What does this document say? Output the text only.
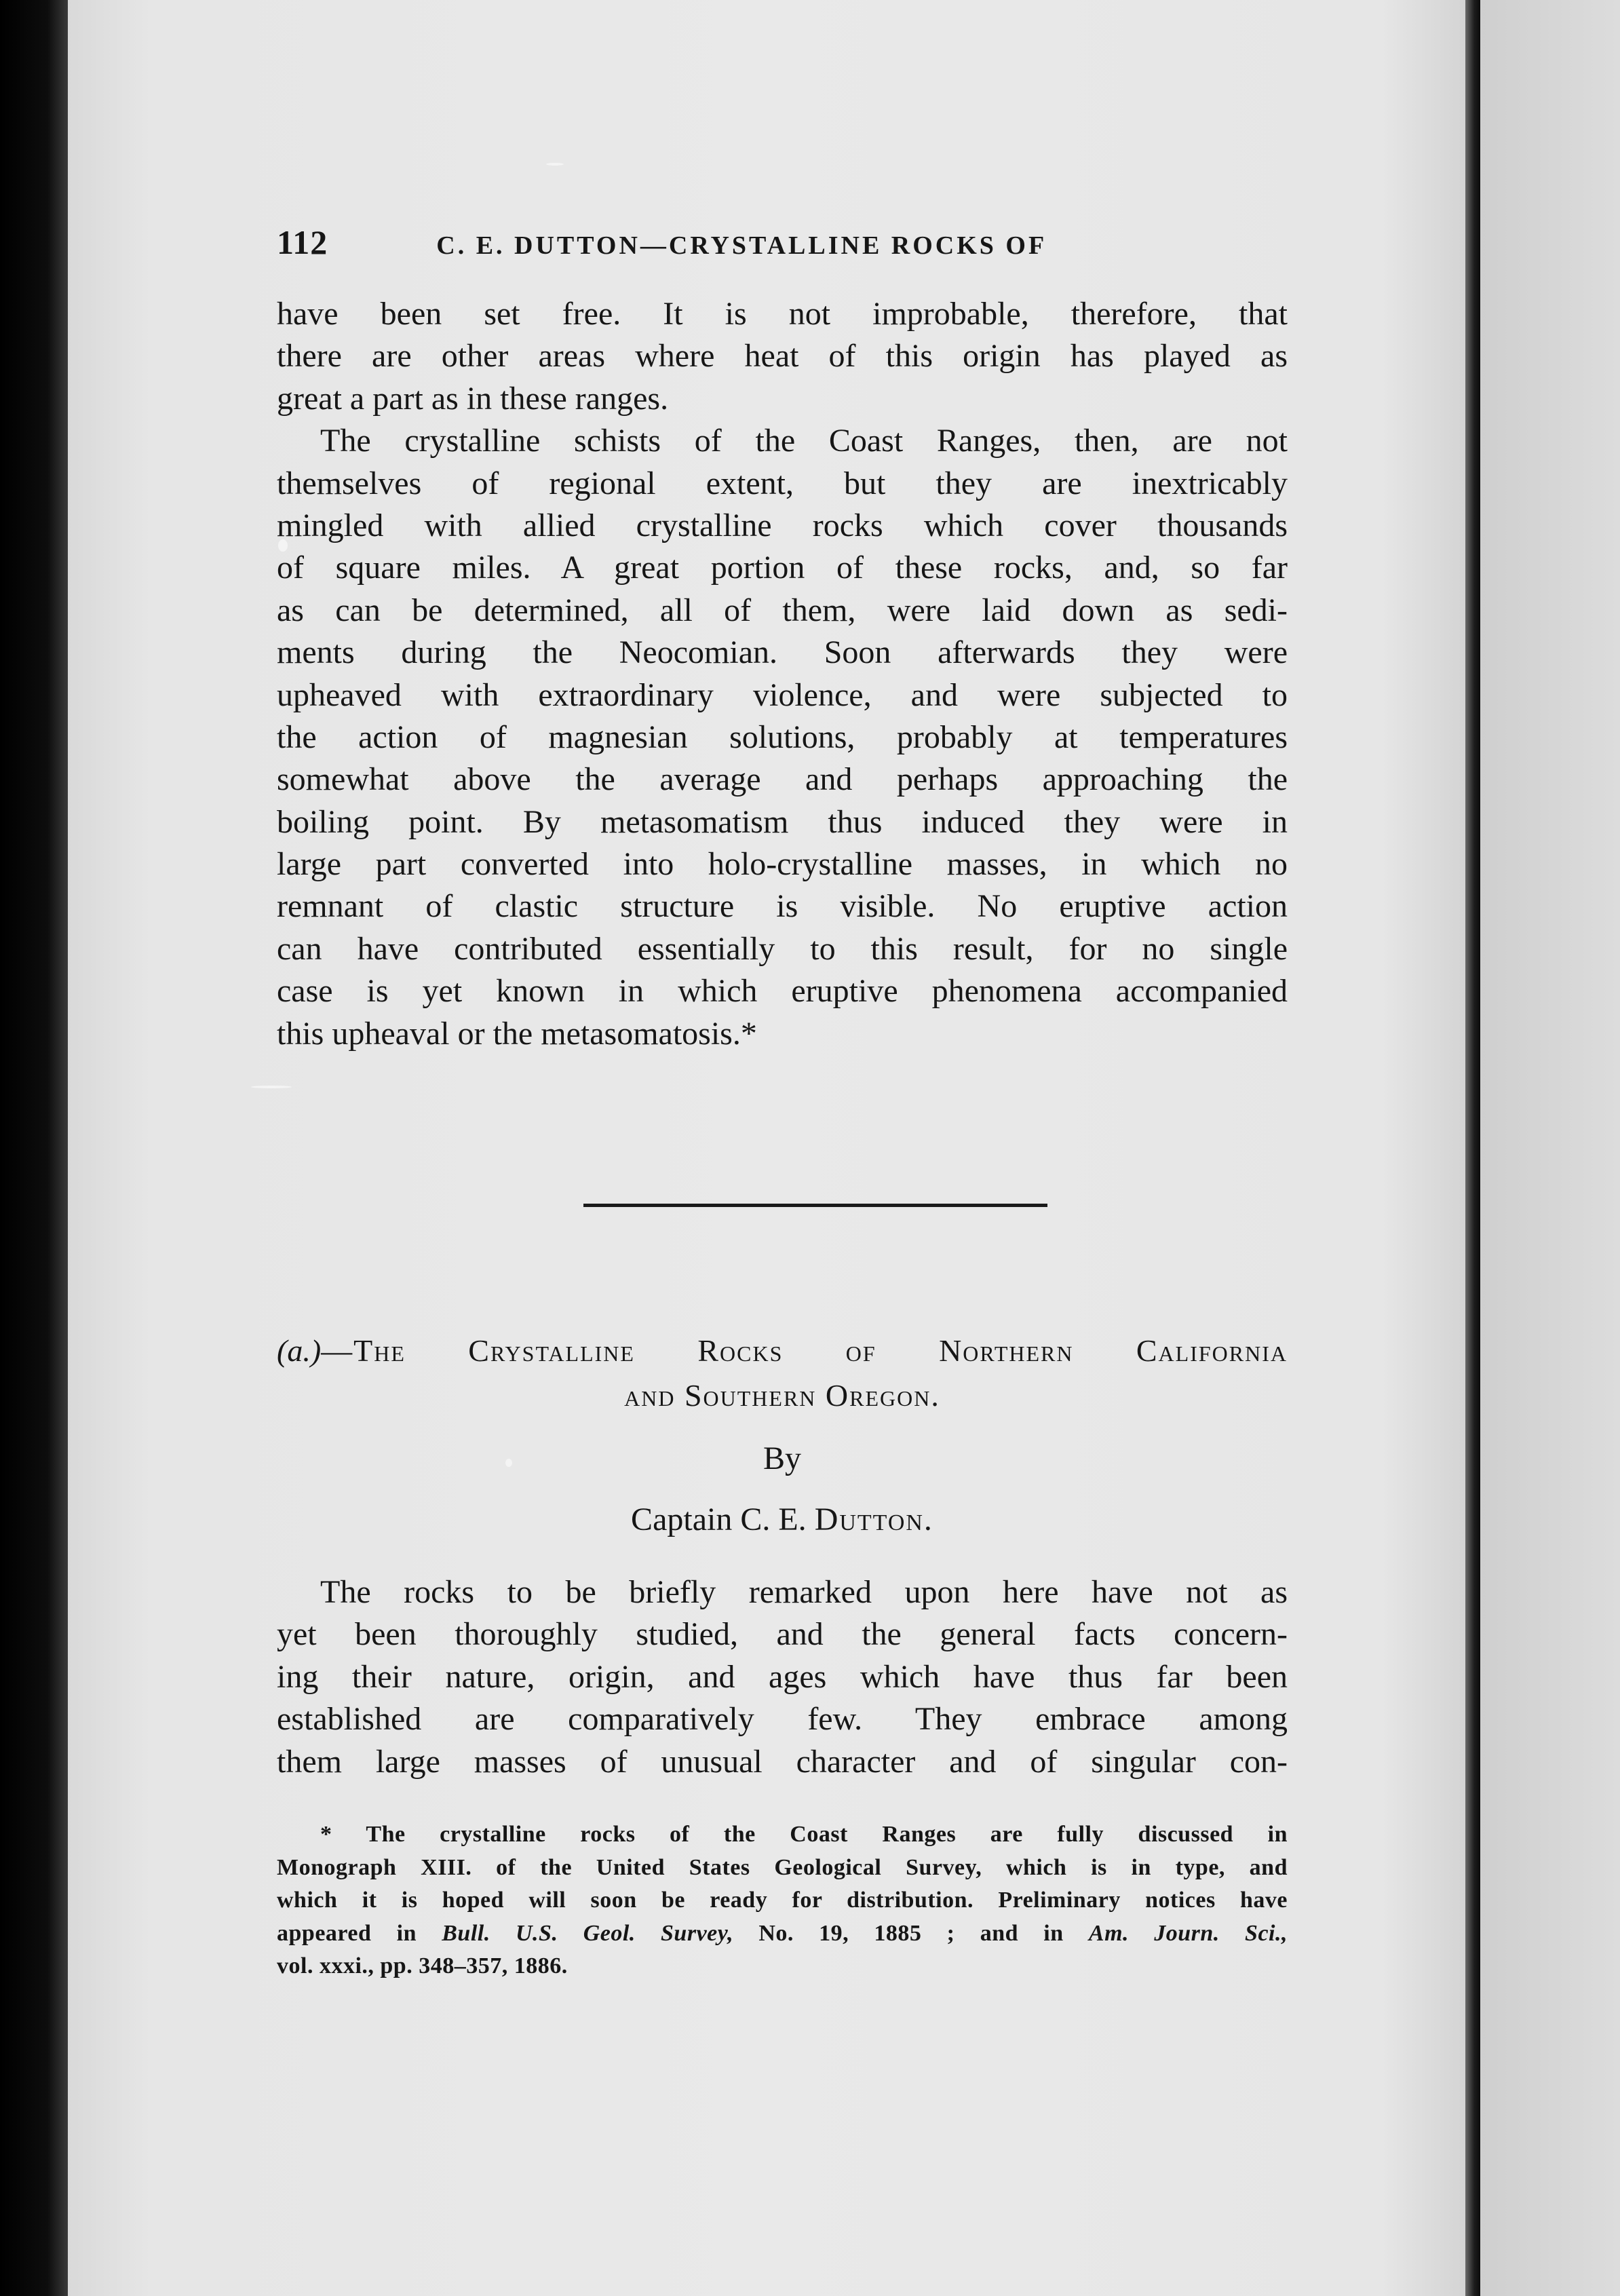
112	C. E. DUTTON—CRYSTALLINE ROCKS OF
have been set free. It is not improbable, therefore, that
there are other areas where heat of this origin has played as
great a part as in these ranges.
The crystalline schists of the Coast Ranges, then, are not
themselves of regional extent, but they are inextricably
mingled with allied crystalline rocks which cover thousands
of square miles. A great portion of these rocks, and, so far
as can be determined, all of them, were laid down as sedi-
ments during the Neocomian. Soon afterwards they were
upheaved with extraordinary violence, and were subjected to
the action of magnesian solutions, probably at temperatures
somewhat above the average and perhaps approaching the
boiling point. By metasomatism thus induced they were in
large part converted into holo-crystalline masses, in which no
remnant of clastic structure is visible. No eruptive action
can have contributed essentially to this result, for no single
case is yet known in which eruptive phenomena accompanied
this upheaval or the metasomatosis.*
(a.)—The Crystalline Rocks of Northern California
and Southern Oregon.
By
Captain C. E. Dutton.
The rocks to be briefly remarked upon here have not as
yet been thoroughly studied, and the general facts concern-
ing their nature, origin, and ages which have thus far been
established are comparatively few. They embrace among
them large masses of unusual character and of singular con-
* The crystalline rocks of the Coast Ranges are fully discussed in
Monograph XIII. of the United States Geological Survey, which is in type, and
which it is hoped will soon be ready for distribution. Preliminary notices have
appeared in Bull. U.S. Geol. Survey, No. 19, 1885 ; and in Am. Journ. Sci.,
vol. xxxi., pp. 348–357, 1886.
